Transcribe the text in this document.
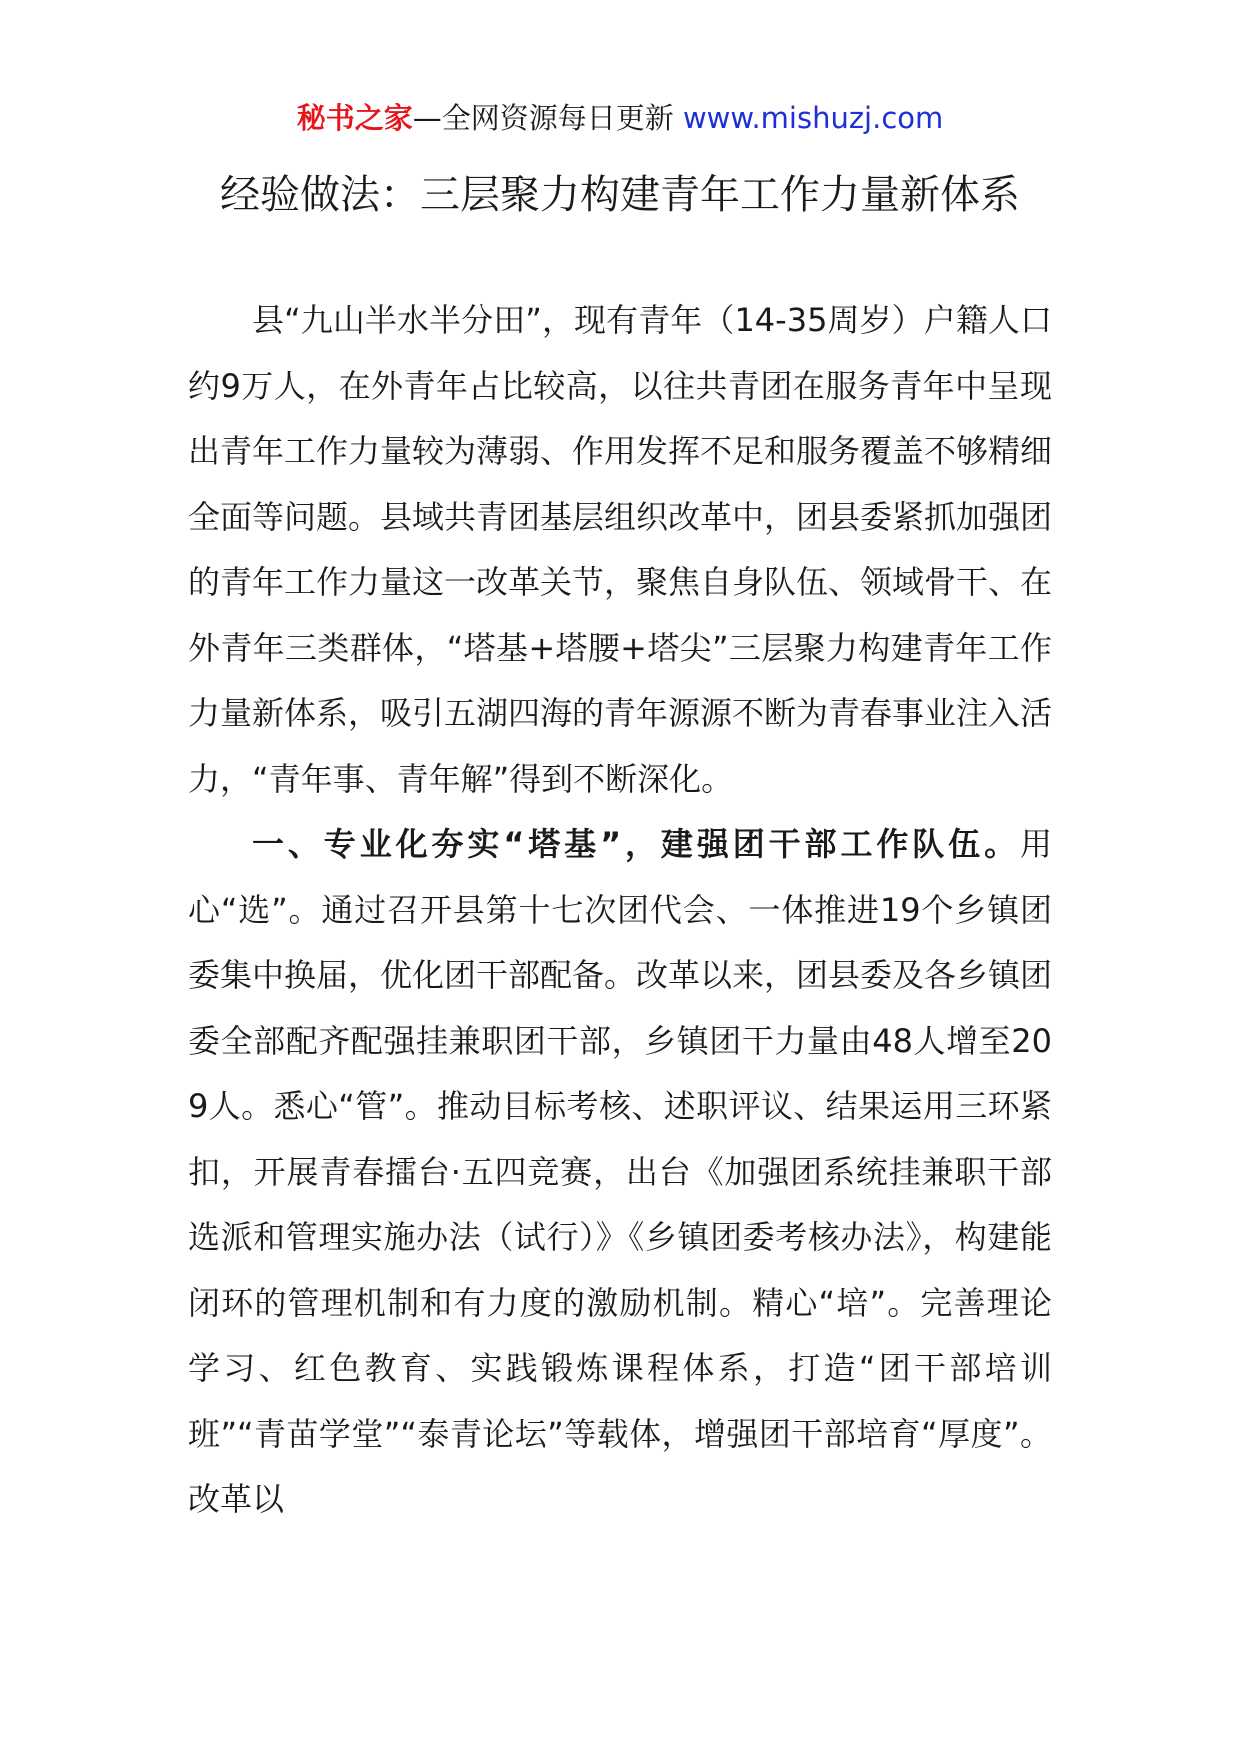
秘书之家—全网资源每日更新 www.mishuzj.com
经验做法：三层聚力构建青年工作力量新体系

县“九山半水半分田”，现有青年（14-35周岁）户籍人口约9万人，在外青年占比较高，以往共青团在服务青年中呈现出青年工作力量较为薄弱、作用发挥不足和服务覆盖不够精细全面等问题。县域共青团基层组织改革中，团县委紧抓加强团的青年工作力量这一改革关节，聚焦自身队伍、领域骨干、在外青年三类群体，“塔基+塔腰+塔尖”三层聚力构建青年工作力量新体系，吸引五湖四海的青年源源不断为青春事业注入活力，“青年事、青年解”得到不断深化。

一、专业化夯实“塔基”，建强团干部工作队伍。用心“选”。通过召开县第十七次团代会、一体推进19个乡镇团委集中换届，优化团干部配备。改革以来，团县委及各乡镇团委全部配齐配强挂兼职团干部，乡镇团干力量由48人增至209人。悉心“管”。推动目标考核、述职评议、结果运用三环紧扣，开展青春擂台·五四竞赛，出台《加强团系统挂兼职干部选派和管理实施办法（试行）》《乡镇团委考核办法》，构建能闭环的管理机制和有力度的激励机制。精心“培”。完善理论学习、红色教育、实践锻炼课程体系，打造“团干部培训班”“青苗学堂”“泰青论坛”等载体，增强团干部培育“厚度”。改革以
